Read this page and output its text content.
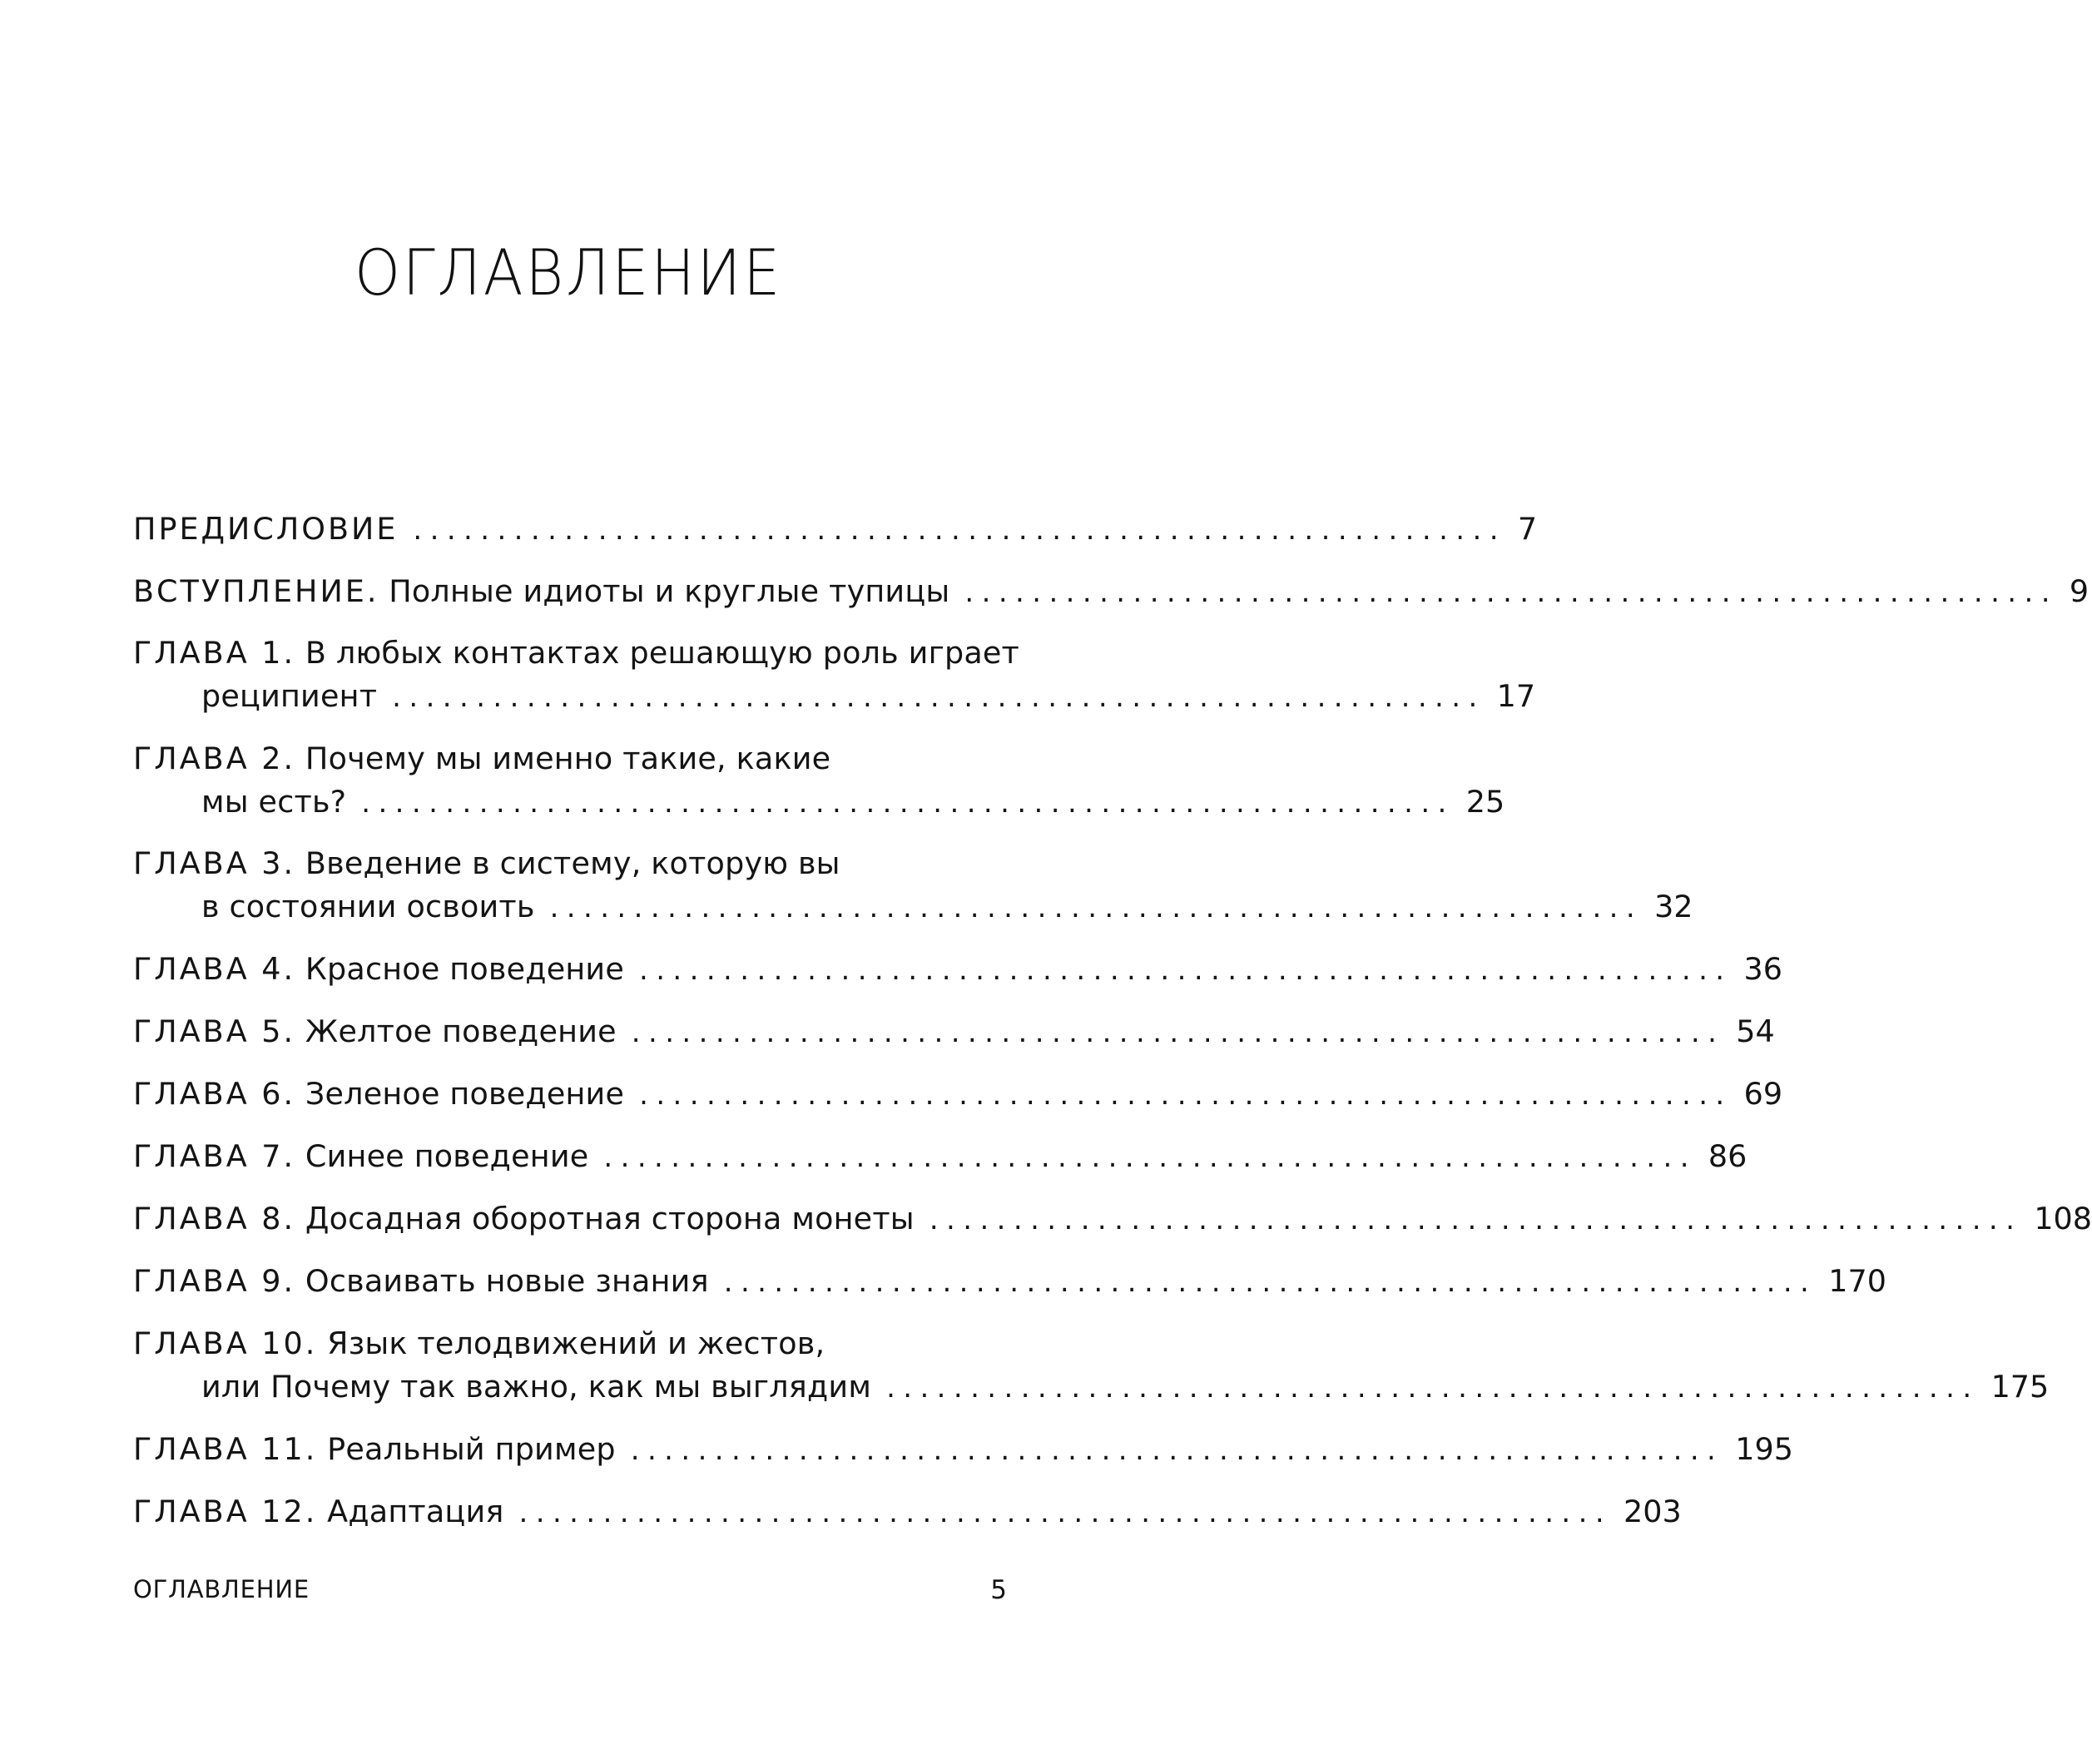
ОГЛАВЛЕНИЕ
ПРЕДИСЛОВИЕ ................................................................. 7
ВСТУПЛЕНИЕ. Полные идиоты и круглые тупицы ................................................................. 9
ГЛАВА 1. В любых контактах решающую роль играет
реципиент ................................................................. 17
ГЛАВА 2. Почему мы именно такие, какие
мы есть? ................................................................. 25
ГЛАВА 3. Введение в систему, которую вы
в состоянии освоить ................................................................. 32
ГЛАВА 4. Красное поведение ................................................................. 36
ГЛАВА 5. Желтое поведение ................................................................. 54
ГЛАВА 6. Зеленое поведение ................................................................. 69
ГЛАВА 7. Синее поведение ................................................................. 86
ГЛАВА 8. Досадная оборотная сторона монеты ................................................................. 108
ГЛАВА 9. Осваивать новые знания ................................................................. 170
ГЛАВА 10. Язык телодвижений и жестов,
или Почему так важно, как мы выглядим ................................................................. 175
ГЛАВА 11. Реальный пример ................................................................. 195
ГЛАВА 12. Адаптация ................................................................. 203

ОГЛАВЛЕНИЕ	5
